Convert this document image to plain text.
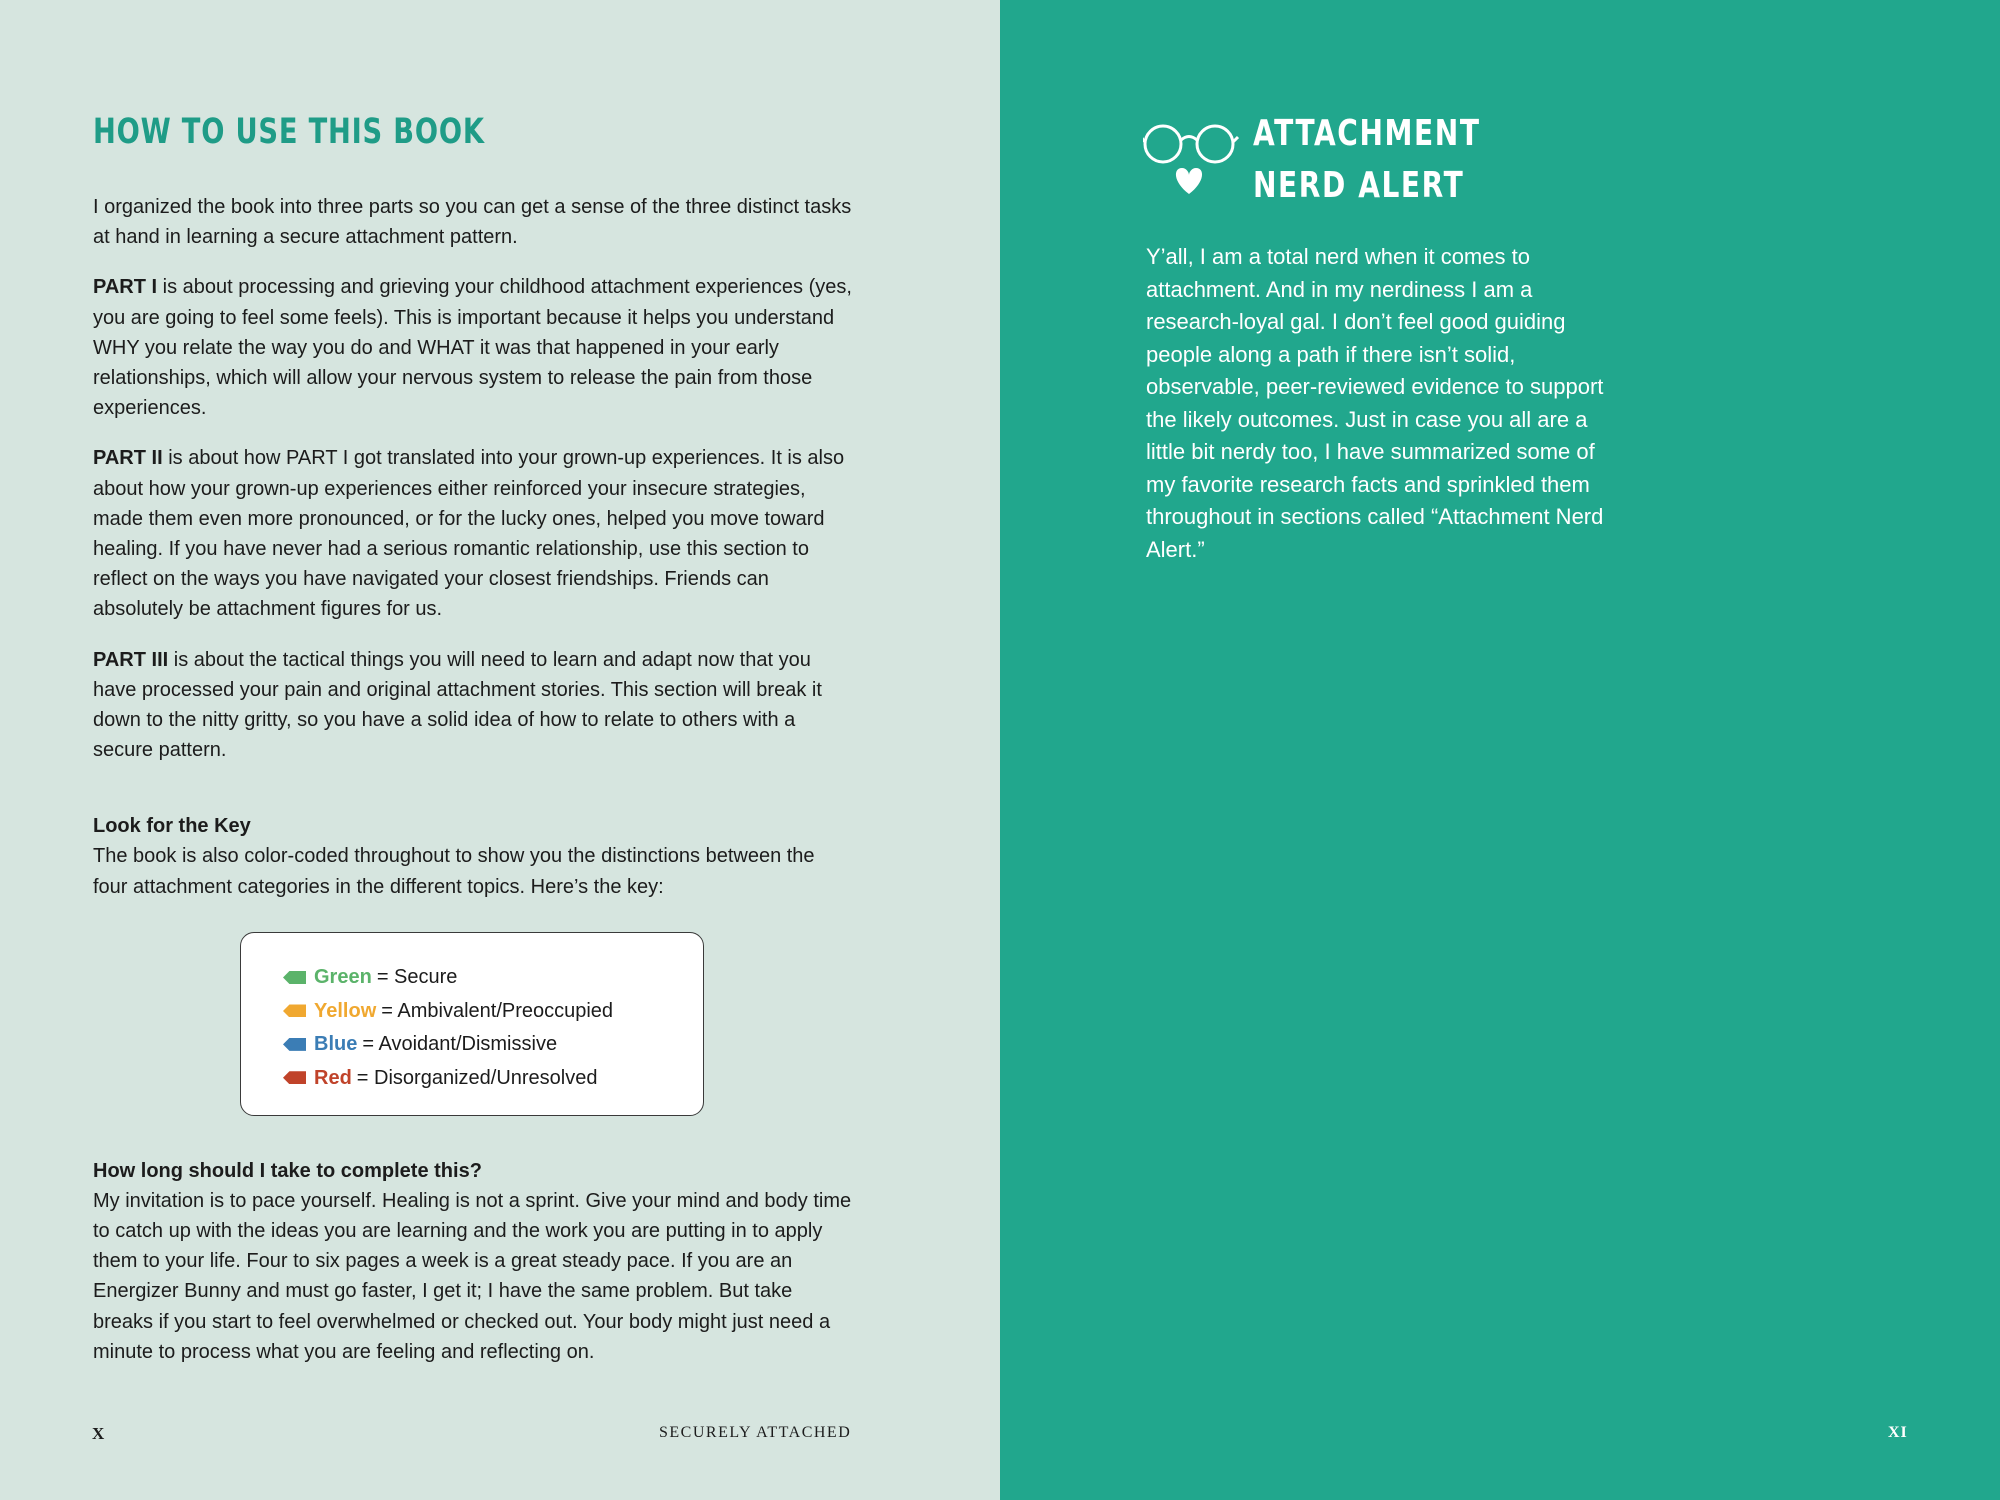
HOW TO USE THIS BOOK

I organized the book into three parts so you can get a sense of the three distinct tasks at hand in learning a secure attachment pattern.

PART I is about processing and grieving your childhood attachment experiences (yes, you are going to feel some feels). This is important because it helps you understand WHY you relate the way you do and WHAT it was that happened in your early relationships, which will allow your nervous system to release the pain from those experiences.

PART II is about how PART I got translated into your grown-up experiences. It is also about how your grown-up experiences either reinforced your insecure strategies, made them even more pronounced, or for the lucky ones, helped you move toward healing. If you have never had a serious romantic relationship, use this section to reflect on the ways you have navigated your closest friendships. Friends can absolutely be attachment figures for us.

PART III is about the tactical things you will need to learn and adapt now that you have processed your pain and original attachment stories. This section will break it down to the nitty gritty, so you have a solid idea of how to relate to others with a secure pattern.

Look for the Key

The book is also color-coded throughout to show you the distinctions between the four attachment categories in the different topics. Here’s the key:

Green = Secure
Yellow = Ambivalent/Preoccupied
Blue = Avoidant/Dismissive
Red = Disorganized/Unresolved
How long should I take to complete this?

My invitation is to pace yourself. Healing is not a sprint. Give your mind and body time to catch up with the ideas you are learning and the work you are putting in to apply them to your life. Four to six pages a week is a great steady pace. If you are an Energizer Bunny and must go faster, I get it; I have the same problem. But take breaks if you start to feel overwhelmed or checked out. Your body might just need a minute to process what you are feeling and reflecting on.

X	SECURELY ATTACHED
ATTACHMENT
NERD ALERT

Y’all, I am a total nerd when it comes to attachment. And in my nerdiness I am a research-loyal gal. I don’t feel good guiding people along a path if there isn’t solid, observable, peer-reviewed evidence to support the likely outcomes. Just in case you all are a little bit nerdy too, I have summarized some of my favorite research facts and sprinkled them throughout in sections called “Attachment Nerd Alert.”

XI
